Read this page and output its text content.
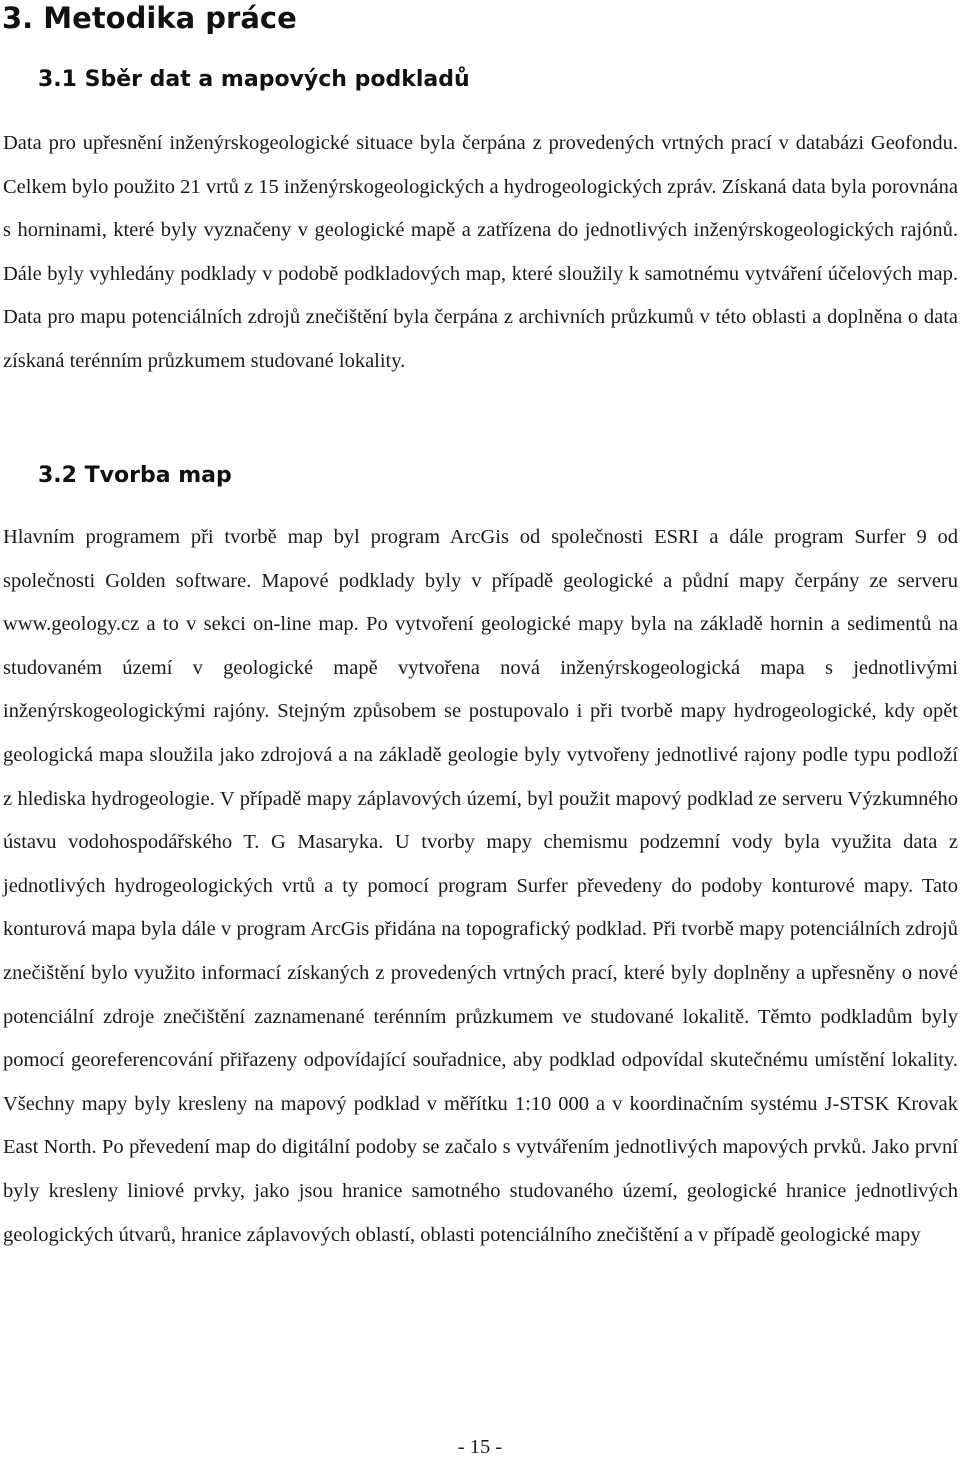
3. Metodika práce
3.1 Sběr dat a mapových podkladů

Data pro upřesnění inženýrskogeologické situace byla čerpána z provedených vrtných prací v databázi Geofondu. Celkem bylo použito 21 vrtů z 15 inženýrskogeologických a hydrogeologických zpráv. Získaná data byla porovnána s horninami, které byly vyznačeny v geologické mapě a zatřízena do jednotlivých inženýrskogeologických rajónů. Dále byly vyhledány podklady v podobě podkladových map, které sloužily k samotnému vytváření účelových map. Data pro mapu potenciálních zdrojů znečištění byla čerpána z archivních průzkumů v této oblasti a doplněna o data získaná terénním průzkumem studované lokality.

3.2 Tvorba map

Hlavním programem při tvorbě map byl program ArcGis od společnosti ESRI a dále program Surfer 9 od společnosti Golden software. Mapové podklady byly v případě geologické a půdní mapy čerpány ze serveru www.geology.cz a to v sekci on-line map. Po vytvoření geologické mapy byla na základě hornin a sedimentů na studovaném území v geologické mapě vytvořena nová inženýrskogeologická mapa s jednotlivými inženýrskogeologickými rajóny. Stejným způsobem se postupovalo i při tvorbě mapy hydrogeologické, kdy opět geologická mapa sloužila jako zdrojová a na základě geologie byly vytvořeny jednotlivé rajony podle typu podloží z hlediska hydrogeologie. V případě mapy záplavových území, byl použit mapový podklad ze serveru Výzkumného ústavu vodohospodářského T. G Masaryka. U tvorby mapy chemismu podzemní vody byla využita data z jednotlivých hydrogeologických vrtů a ty pomocí program Surfer převedeny do podoby konturové mapy. Tato konturová mapa byla dále v program ArcGis přidána na topografický podklad. Při tvorbě mapy potenciálních zdrojů znečištění bylo využito informací získaných z provedených vrtných prací, které byly doplněny a upřesněny o nové potenciální zdroje znečištění zaznamenané terénním průzkumem ve studované lokalitě. Těmto podkladům byly pomocí georeferencování přiřazeny odpovídající souřadnice, aby podklad odpovídal skutečnému umístění lokality. Všechny mapy byly kresleny na mapový podklad v měřítku 1:10 000 a v koordinačním systému J-STSK Krovak East North. Po převedení map do digitální podoby se začalo s vytvářením jednotlivých mapových prvků. Jako první byly kresleny liniové prvky, jako jsou hranice samotného studovaného území, geologické hranice jednotlivých geologických útvarů, hranice záplavových oblastí, oblasti potenciálního znečištění a v případě geologické mapy

- 15 -
